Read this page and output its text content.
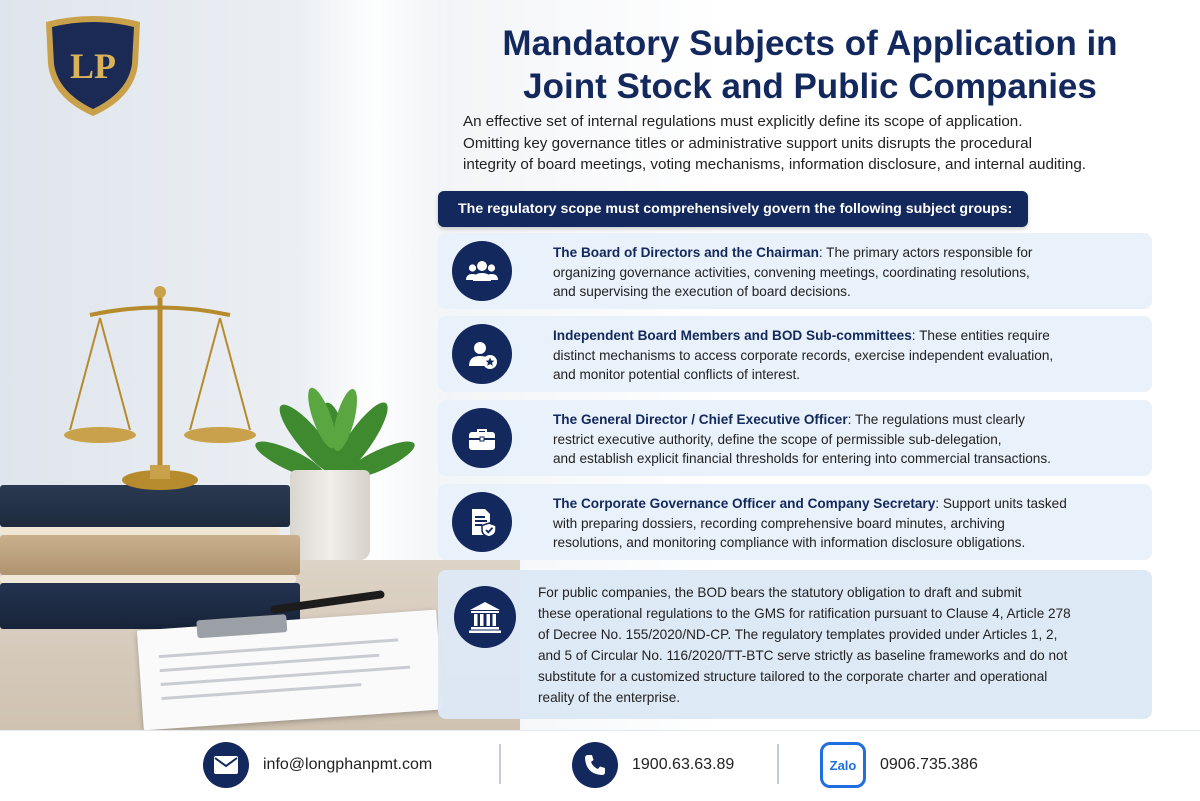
LP
Mandatory Subjects of Application in
Joint Stock and Public Companies

An effective set of internal regulations must explicitly define its scope of application.
Omitting key governance titles or administrative support units disrupts the procedural
integrity of board meetings, voting mechanisms, information disclosure, and internal auditing.

The regulatory scope must comprehensively govern the following subject groups:
The Board of Directors and the Chairman: The primary actors responsible for
organizing governance activities, convening meetings, coordinating resolutions,
and supervising the execution of board decisions.
Independent Board Members and BOD Sub-committees: These entities require
distinct mechanisms to access corporate records, exercise independent evaluation,
and monitor potential conflicts of interest.
The General Director / Chief Executive Officer: The regulations must clearly
restrict executive authority, define the scope of permissible sub-delegation,
and establish explicit financial thresholds for entering into commercial transactions.
The Corporate Governance Officer and Company Secretary: Support units tasked
with preparing dossiers, recording comprehensive board minutes, archiving
resolutions, and monitoring compliance with information disclosure obligations.
For public companies, the BOD bears the statutory obligation to draft and submit
these operational regulations to the GMS for ratification pursuant to Clause 4, Article 278
of Decree No. 155/2020/ND-CP. The regulatory templates provided under Articles 1, 2,
and 5 of Circular No. 116/2020/TT-BTC serve strictly as baseline frameworks and do not
substitute for a customized structure tailored to the corporate charter and operational
reality of the enterprise.
info@longphanpmt.com	1900.63.63.89	Zalo	0906.735.386
